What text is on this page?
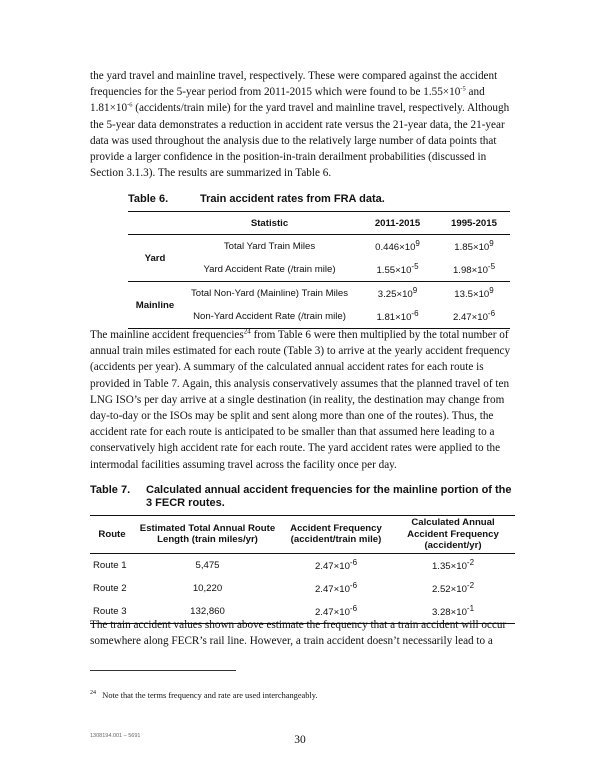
the yard travel and mainline travel, respectively. These were compared against the accident frequencies for the 5-year period from 2011-2015 which were found to be $1.55\times 10^{-5}$ and $1.81\times 10^{-6}$ (accidents/train mile) for the yard travel and mainline travel, respectively. Although the 5-year data demonstrates a reduction in accident rate versus the 21-year data, the 21-year data was used throughout the analysis due to the relatively large number of data points that provide a larger confidence in the position-in-train derailment probabilities (discussed in Section 3.1.3). The results are summarized in Table 6.

Table 6.	Train accident rates from FRA data.
	Statistic	2011-2015	1995-2015
Yard	Total Yard Train Miles	$0.446\times 10^9$	$1.85\times 10^9$
	Yard Accident Rate (/train mile)	$1.55\times 10^{-5}$	$1.98\times 10^{-5}$
Mainline	Total Non-Yard (Mainline) Train Miles	$3.25\times 10^9$	$13.5\times 10^9$
	Non-Yard Accident Rate (/train mile)	$1.81\times 10^{-6}$	$2.47\times 10^{-6}$

The mainline accident frequencies$^{24}$ from Table 6 were then multiplied by the total number of annual train miles estimated for each route (Table 3) to arrive at the yearly accident frequency (accidents per year). A summary of the calculated annual accident rates for each route is provided in Table 7. Again, this analysis conservatively assumes that the planned travel of ten LNG ISO’s per day arrive at a single destination (in reality, the destination may change from day-to-day or the ISOs may be split and sent along more than one of the routes). Thus, the accident rate for each route is anticipated to be smaller than that assumed here leading to a conservatively high accident rate for each route. The yard accident rates were applied to the intermodal facilities assuming travel across the facility once per day.

Table 7. Calculated annual accident frequencies for the mainline portion of the 3 FECR routes.
Route	Estimated Total Annual Route Length (train miles/yr)	Accident Frequency (accident/train mile)	Calculated Annual Accident Frequency (accident/yr)
Route 1	5,475	$2.47\times 10^{-6}$	$1.35\times 10^{-2}$
Route 2	10,220	$2.47\times 10^{-6}$	$2.52\times 10^{-2}$
Route 3	132,860	$2.47\times 10^{-6}$	$3.28\times 10^{-1}$

The train accident values shown above estimate the frequency that a train accident will occur somewhere along FECR’s rail line. However, a train accident doesn’t necessarily lead to a

$^{24}$ Note that the terms frequency and rate are used interchangeably.
1308194.001 – 5691	30
